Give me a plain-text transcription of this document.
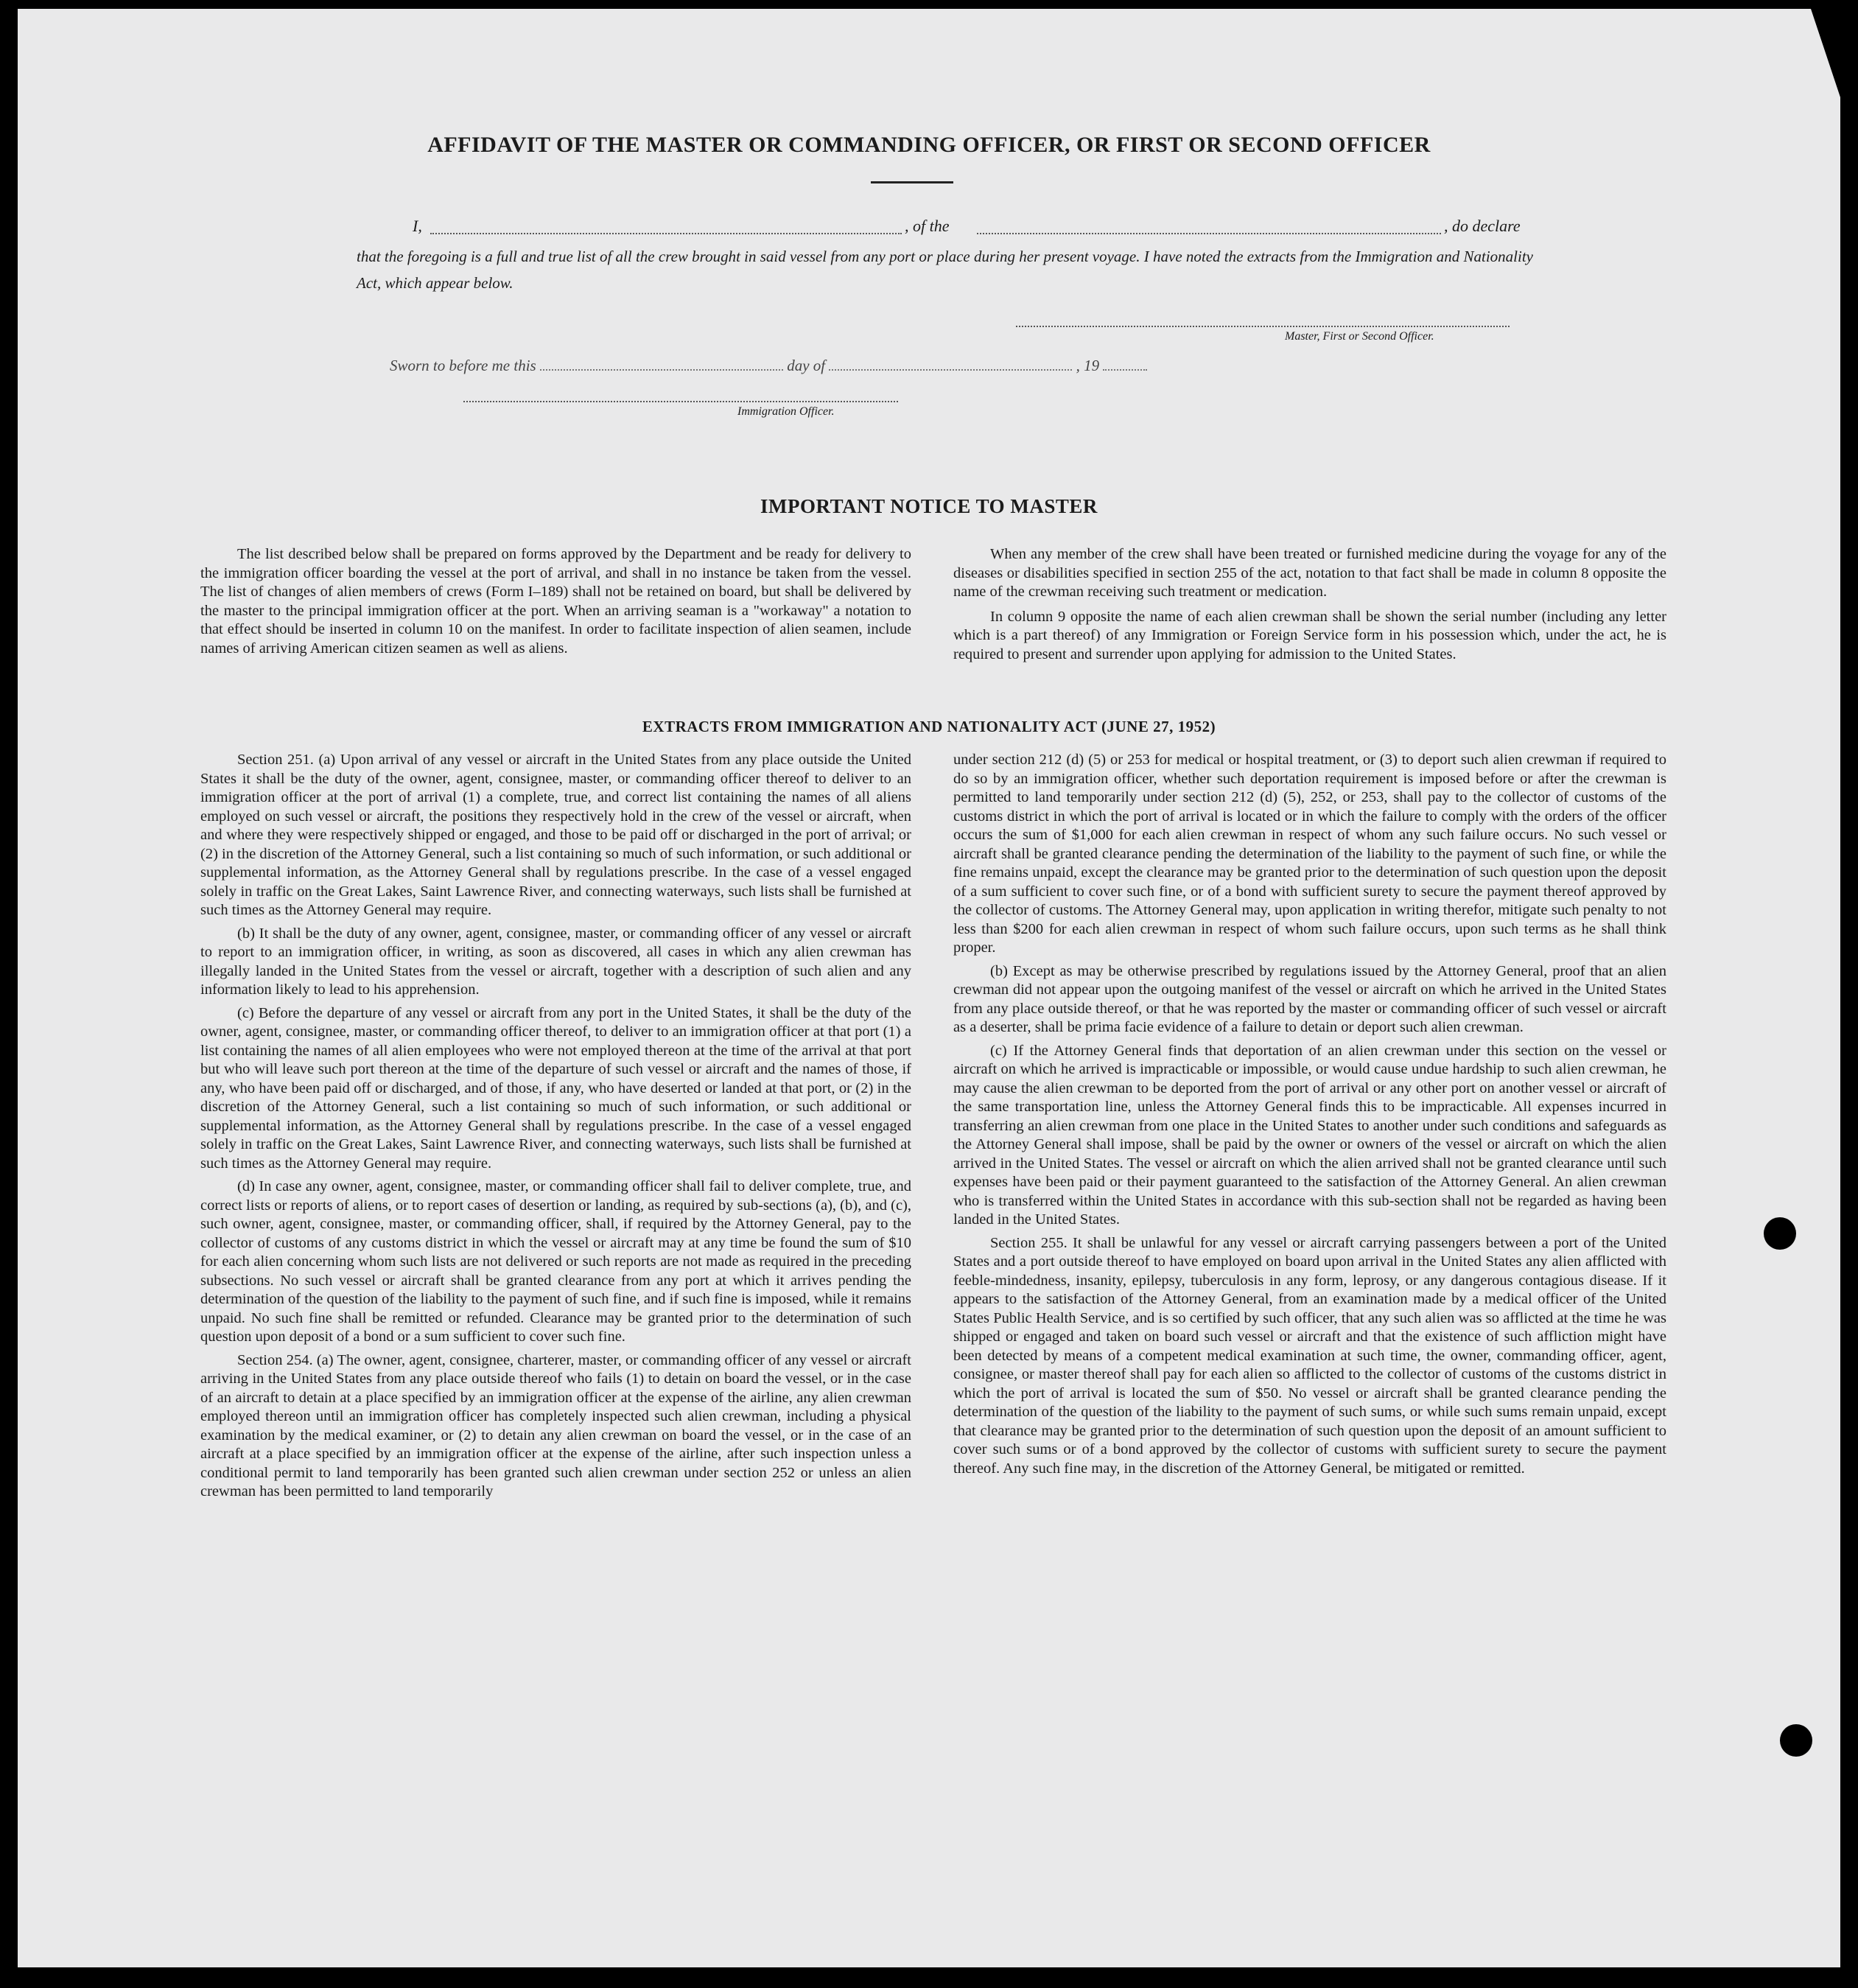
AFFIDAVIT OF THE MASTER OR COMMANDING OFFICER, OR FIRST OR SECOND OFFICER
I,	, of the	, do declare
that the foregoing is a full and true list of all the crew brought in said vessel from any port or place during her present voyage. I have noted the extracts from the Immigration and Nationality Act, which appear below.
Master, First or Second Officer.
Sworn to before me this	day of	, 19
Immigration Officer.
IMPORTANT NOTICE TO MASTER

The list described below shall be prepared on forms approved by the Department and be ready for delivery to the immigration officer boarding the vessel at the port of arrival, and shall in no instance be taken from the vessel. The list of changes of alien members of crews (Form I–189) shall not be retained on board, but shall be delivered by the master to the principal immigration officer at the port. When an arriving seaman is a "workaway" a notation to that effect should be inserted in column 10 on the manifest. In order to facilitate inspection of alien seamen, include names of arriving American citizen seamen as well as aliens.

When any member of the crew shall have been treated or furnished medicine during the voyage for any of the diseases or disabilities specified in section 255 of the act, notation to that fact shall be made in column 8 opposite the name of the crewman receiving such treatment or medication.

In column 9 opposite the name of each alien crewman shall be shown the serial number (including any letter which is a part thereof) of any Immigration or Foreign Service form in his possession which, under the act, he is required to present and surrender upon applying for admission to the United States.

EXTRACTS FROM IMMIGRATION AND NATIONALITY ACT (JUNE 27, 1952)

Section 251. (a) Upon arrival of any vessel or aircraft in the United States from any place outside the United States it shall be the duty of the owner, agent, consignee, master, or commanding officer thereof to deliver to an immigration officer at the port of arrival (1) a complete, true, and correct list containing the names of all aliens employed on such vessel or aircraft, the positions they respectively hold in the crew of the vessel or aircraft, when and where they were respectively shipped or engaged, and those to be paid off or discharged in the port of arrival; or (2) in the discretion of the Attorney General, such a list containing so much of such information, or such additional or supplemental information, as the Attorney General shall by regulations prescribe. In the case of a vessel engaged solely in traffic on the Great Lakes, Saint Lawrence River, and connecting waterways, such lists shall be furnished at such times as the Attorney General may require.

(b) It shall be the duty of any owner, agent, consignee, master, or commanding officer of any vessel or aircraft to report to an immigration officer, in writing, as soon as discovered, all cases in which any alien crewman has illegally landed in the United States from the vessel or aircraft, together with a description of such alien and any information likely to lead to his apprehension.

(c) Before the departure of any vessel or aircraft from any port in the United States, it shall be the duty of the owner, agent, consignee, master, or commanding officer thereof, to deliver to an immigration officer at that port (1) a list containing the names of all alien employees who were not employed thereon at the time of the arrival at that port but who will leave such port thereon at the time of the departure of such vessel or aircraft and the names of those, if any, who have been paid off or discharged, and of those, if any, who have deserted or landed at that port, or (2) in the discretion of the Attorney General, such a list containing so much of such information, or such additional or supplemental information, as the Attorney General shall by regulations prescribe. In the case of a vessel engaged solely in traffic on the Great Lakes, Saint Lawrence River, and connecting waterways, such lists shall be furnished at such times as the Attorney General may require.

(d) In case any owner, agent, consignee, master, or commanding officer shall fail to deliver complete, true, and correct lists or reports of aliens, or to report cases of desertion or landing, as required by sub-sections (a), (b), and (c), such owner, agent, consignee, master, or commanding officer, shall, if required by the Attorney General, pay to the collector of customs of any customs district in which the vessel or aircraft may at any time be found the sum of $10 for each alien concerning whom such lists are not delivered or such reports are not made as required in the preceding subsections. No such vessel or aircraft shall be granted clearance from any port at which it arrives pending the determination of the question of the liability to the payment of such fine, and if such fine is imposed, while it remains unpaid. No such fine shall be remitted or refunded. Clearance may be granted prior to the determination of such question upon deposit of a bond or a sum sufficient to cover such fine.

Section 254. (a) The owner, agent, consignee, charterer, master, or commanding officer of any vessel or aircraft arriving in the United States from any place outside thereof who fails (1) to detain on board the vessel, or in the case of an aircraft to detain at a place specified by an immigration officer at the expense of the airline, any alien crewman employed thereon until an immigration officer has completely inspected such alien crewman, including a physical examination by the medical examiner, or (2) to detain any alien crewman on board the vessel, or in the case of an aircraft at a place specified by an immigration officer at the expense of the airline, after such inspection unless a conditional permit to land temporarily has been granted such alien crewman under section 252 or unless an alien crewman has been permitted to land temporarily

under section 212 (d) (5) or 253 for medical or hospital treatment, or (3) to deport such alien crewman if required to do so by an immigration officer, whether such deportation requirement is imposed before or after the crewman is permitted to land temporarily under section 212 (d) (5), 252, or 253, shall pay to the collector of customs of the customs district in which the port of arrival is located or in which the failure to comply with the orders of the officer occurs the sum of $1,000 for each alien crewman in respect of whom any such failure occurs. No such vessel or aircraft shall be granted clearance pending the determination of the liability to the payment of such fine, or while the fine remains unpaid, except the clearance may be granted prior to the determination of such question upon the deposit of a sum sufficient to cover such fine, or of a bond with sufficient surety to secure the payment thereof approved by the collector of customs. The Attorney General may, upon application in writing therefor, mitigate such penalty to not less than $200 for each alien crewman in respect of whom such failure occurs, upon such terms as he shall think proper.

(b) Except as may be otherwise prescribed by regulations issued by the Attorney General, proof that an alien crewman did not appear upon the outgoing manifest of the vessel or aircraft on which he arrived in the United States from any place outside thereof, or that he was reported by the master or commanding officer of such vessel or aircraft as a deserter, shall be prima facie evidence of a failure to detain or deport such alien crewman.

(c) If the Attorney General finds that deportation of an alien crewman under this section on the vessel or aircraft on which he arrived is impracticable or impossible, or would cause undue hardship to such alien crewman, he may cause the alien crewman to be deported from the port of arrival or any other port on another vessel or aircraft of the same transportation line, unless the Attorney General finds this to be impracticable. All expenses incurred in transferring an alien crewman from one place in the United States to another under such conditions and safeguards as the Attorney General shall impose, shall be paid by the owner or owners of the vessel or aircraft on which the alien arrived in the United States. The vessel or aircraft on which the alien arrived shall not be granted clearance until such expenses have been paid or their payment guaranteed to the satisfaction of the Attorney General. An alien crewman who is transferred within the United States in accordance with this sub-section shall not be regarded as having been landed in the United States.

Section 255. It shall be unlawful for any vessel or aircraft carrying passengers between a port of the United States and a port outside thereof to have employed on board upon arrival in the United States any alien afflicted with feeble-mindedness, insanity, epilepsy, tuberculosis in any form, leprosy, or any dangerous contagious disease. If it appears to the satisfaction of the Attorney General, from an examination made by a medical officer of the United States Public Health Service, and is so certified by such officer, that any such alien was so afflicted at the time he was shipped or engaged and taken on board such vessel or aircraft and that the existence of such affliction might have been detected by means of a competent medical examination at such time, the owner, commanding officer, agent, consignee, or master thereof shall pay for each alien so afflicted to the collector of customs of the customs district in which the port of arrival is located the sum of $50. No vessel or aircraft shall be granted clearance pending the determination of the question of the liability to the payment of such sums, or while such sums remain unpaid, except that clearance may be granted prior to the determination of such question upon the deposit of an amount sufficient to cover such sums or of a bond approved by the collector of customs with sufficient surety to secure the payment thereof. Any such fine may, in the discretion of the Attorney General, be mitigated or remitted.
